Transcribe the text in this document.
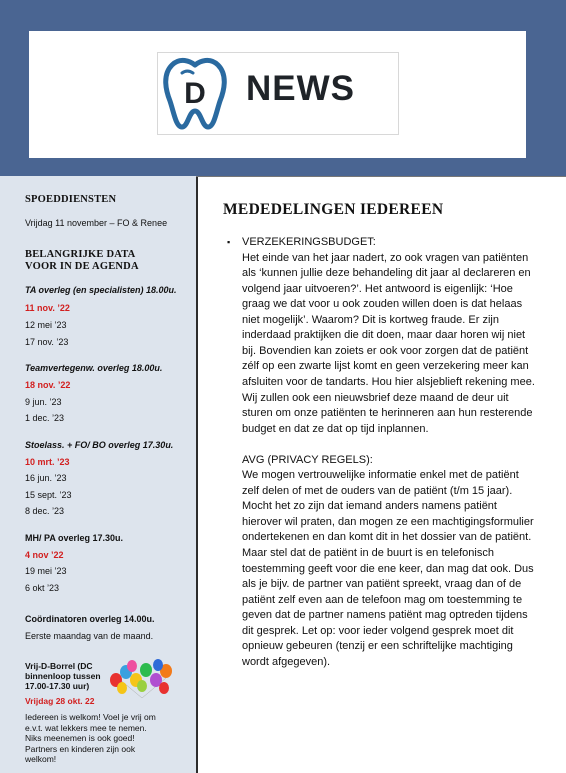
D NEWS
SPOEDDIENSTEN
Vrijdag 11 november – FO & Renee
BELANGRIJKE DATA
VOOR IN DE AGENDA
TA overleg (en specialisten) 18.00u.
11 nov. ’22
12 mei ’23
17 nov. ’23
Teamvertegenw. overleg 18.00u.
18 nov. ’22
9 jun. ’23
1 dec. ’23
Stoelass. + FO/ BO overleg 17.30u.
10 mrt. ’23
16 jun. ’23
15 sept. ’23
8 dec. ’23
MH/ PA overleg 17.30u.
4 nov ’22
19 mei ’23
6 okt ’23
Coördinatoren overleg 14.00u.
Eerste maandag van de maand.
Vrij-D-Borrel (DC
binnenloop tussen
17.00-17.30 uur)
Vrijdag 28 okt. 22
Iedereen is welkom! Voel je vrij om
e.v.t. wat lekkers mee te nemen.
Niks meenemen is ook goed!
Partners en kinderen zijn ook
welkom!
MEDEDELINGEN IEDEREEN
▪ VERZEKERINGSBUDGET:
Het einde van het jaar nadert, zo ook vragen van patiënten
als ‘kunnen jullie deze behandeling dit jaar al declareren en
volgend jaar uitvoeren?’. Het antwoord is eigenlijk: ‘Hoe
graag we dat voor u ook zouden willen doen is dat helaas
niet mogelijk’. Waarom? Dit is kortweg fraude. Er zijn
inderdaad praktijken die dit doen, maar daar horen wij niet
bij. Bovendien kan zoiets er ook voor zorgen dat de patiënt
zélf op een zwarte lijst komt en geen verzekering meer kan
afsluiten voor de tandarts. Hou hier alsjeblieft rekening mee.
Wij zullen ook een nieuwsbrief deze maand de deur uit
sturen om onze patiënten te herinneren aan hun resterende
budget en dat ze dat op tijd inplannen.
AVG (PRIVACY REGELS):
We mogen vertrouwelijke informatie enkel met de patiënt
zelf delen of met de ouders van de patiënt (t/m 15 jaar).
Mocht het zo zijn dat iemand anders namens patiënt
hierover wil praten, dan mogen ze een machtigingsformulier
ondertekenen en dan komt dit in het dossier van de patiënt.
Maar stel dat de patiënt in de buurt is en telefonisch
toestemming geeft voor die ene keer, dan mag dat ook. Dus
als je bijv. de partner van patiënt spreekt, vraag dan of de
patiënt zelf even aan de telefoon mag om toestemming te
geven dat de partner namens patiënt mag optreden tijdens
dit gesprek. Let op: voor ieder volgend gesprek moet dit
opnieuw gebeuren (tenzij er een schriftelijke machtiging
wordt afgegeven).
